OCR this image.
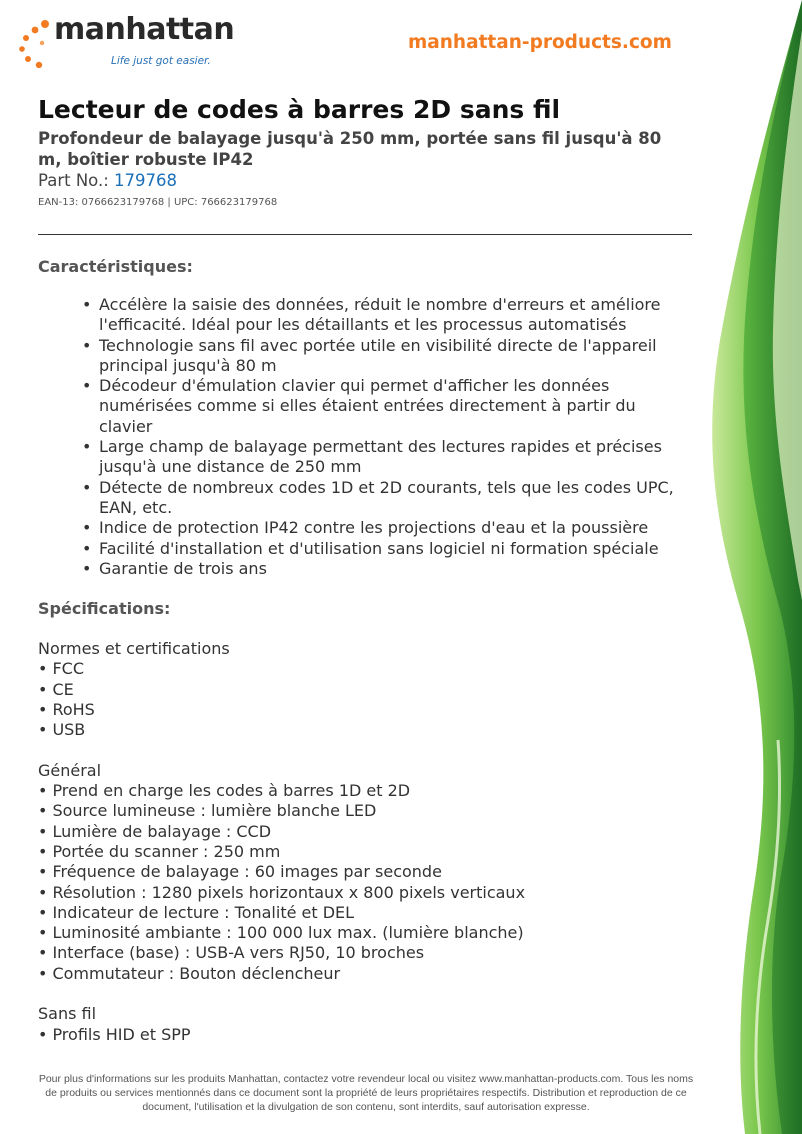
manhattan
Life just got easier.
manhattan-products.com
Lecteur de codes à barres 2D sans fil

Profondeur de balayage jusqu'à 250 mm, portée sans fil jusqu'à 80 m, boîtier robuste IP42

Part No.: 179768
EAN-13: 0766623179768 | UPC: 766623179768
Caractéristiques:
• Accélère la saisie des données, réduit le nombre d'erreurs et améliore l'efficacité. Idéal pour les détaillants et les processus automatisés
• Technologie sans fil avec portée utile en visibilité directe de l'appareil principal jusqu'à 80 m
• Décodeur d'émulation clavier qui permet d'afficher les données numérisées comme si elles étaient entrées directement à partir du clavier
• Large champ de balayage permettant des lectures rapides et précises jusqu'à une distance de 250 mm
• Détecte de nombreux codes 1D et 2D courants, tels que les codes UPC, EAN, etc.
• Indice de protection IP42 contre les projections d'eau et la poussière
• Facilité d'installation et d'utilisation sans logiciel ni formation spéciale
• Garantie de trois ans
Spécifications:
Normes et certifications
• FCC
• CE
• RoHS
• USB
Général
• Prend en charge les codes à barres 1D et 2D
• Source lumineuse : lumière blanche LED
• Lumière de balayage : CCD
• Portée du scanner : 250 mm
• Fréquence de balayage : 60 images par seconde
• Résolution : 1280 pixels horizontaux x 800 pixels verticaux
• Indicateur de lecture : Tonalité et DEL
• Luminosité ambiante : 100 000 lux max. (lumière blanche)
• Interface (base) : USB-A vers RJ50, 10 broches
• Commutateur : Bouton déclencheur
Sans fil
• Profils HID et SPP
Pour plus d'informations sur les produits Manhattan, contactez votre revendeur local ou visitez www.manhattan-products.com. Tous les noms de produits ou services mentionnés dans ce document sont la propriété de leurs propriétaires respectifs. Distribution et reproduction de ce document, l'utilisation et la divulgation de son contenu, sont interdits, sauf autorisation expresse.
